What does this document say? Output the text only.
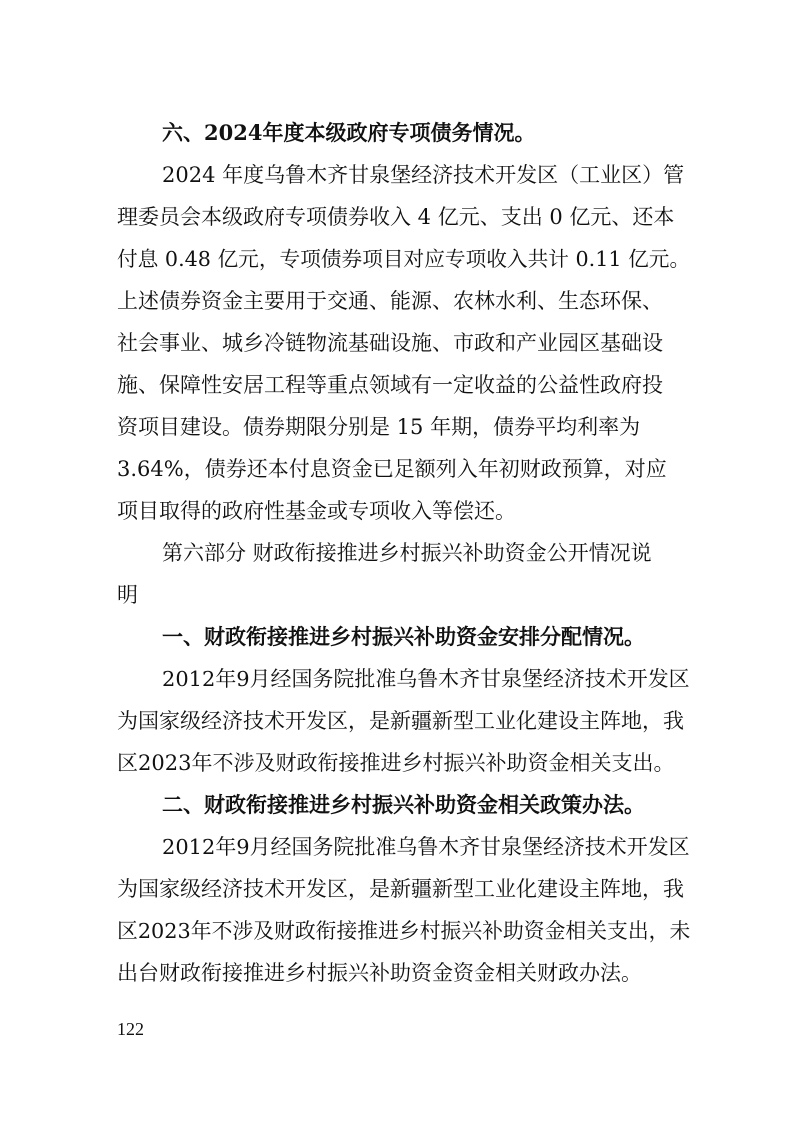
六、2024年度本级政府专项债务情况。
2024 年度乌鲁木齐甘泉堡经济技术开发区（工业区）管
理委员会本级政府专项债券收入 4 亿元、支出 0 亿元、还本
付息 0.48 亿元，专项债券项目对应专项收入共计 0.11 亿元。
上述债券资金主要用于交通、能源、农林水利、生态环保、
社会事业、城乡冷链物流基础设施、市政和产业园区基础设
施、保障性安居工程等重点领域有一定收益的公益性政府投
资项目建设。债券期限分别是 15 年期，债券平均利率为
3.64%，债券还本付息资金已足额列入年初财政预算，对应
项目取得的政府性基金或专项收入等偿还。
第六部分 财政衔接推进乡村振兴补助资金公开情况说
明
一、财政衔接推进乡村振兴补助资金安排分配情况。
2012年9月经国务院批准乌鲁木齐甘泉堡经济技术开发区
为国家级经济技术开发区，是新疆新型工业化建设主阵地，我
区2023年不涉及财政衔接推进乡村振兴补助资金相关支出。
二、财政衔接推进乡村振兴补助资金相关政策办法。
2012年9月经国务院批准乌鲁木齐甘泉堡经济技术开发区
为国家级经济技术开发区，是新疆新型工业化建设主阵地，我
区2023年不涉及财政衔接推进乡村振兴补助资金相关支出，未
出台财政衔接推进乡村振兴补助资金资金相关财政办法。
122
